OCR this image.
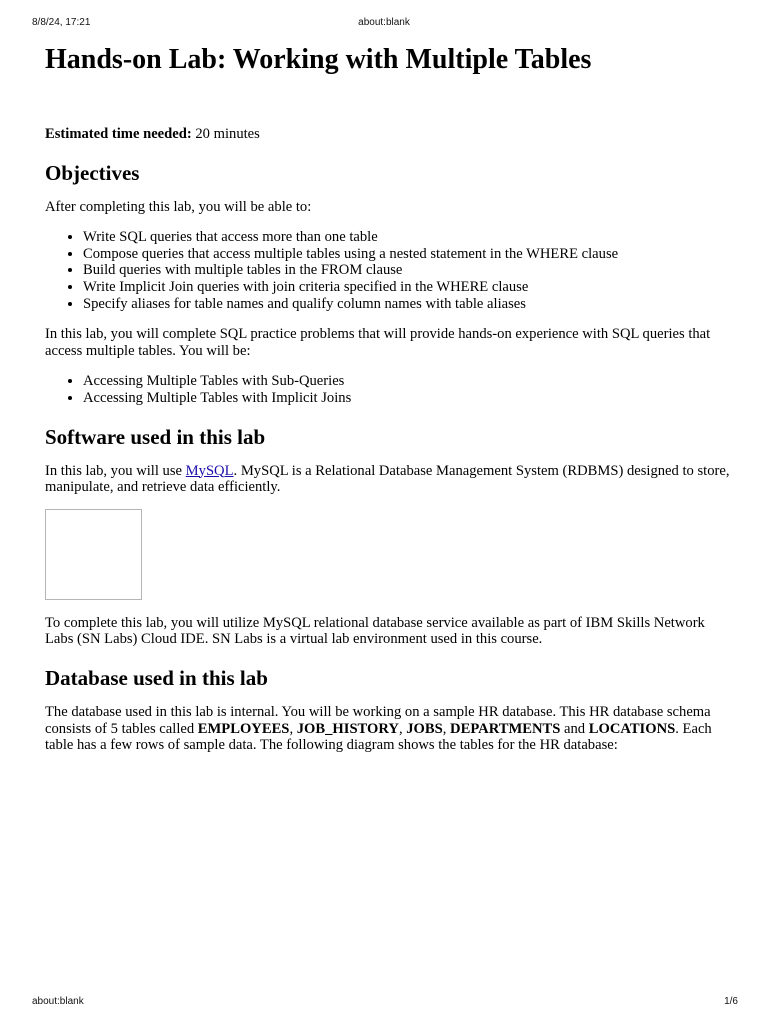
8/8/24, 17:21	about:blank
Hands-on Lab: Working with Multiple Tables

Estimated time needed: 20 minutes

Objectives

After completing this lab, you will be able to:

• Write SQL queries that access more than one table
• Compose queries that access multiple tables using a nested statement in the WHERE clause
• Build queries with multiple tables in the FROM clause
• Write Implicit Join queries with join criteria specified in the WHERE clause
• Specify aliases for table names and qualify column names with table aliases

In this lab, you will complete SQL practice problems that will provide hands-on experience with SQL queries that access multiple tables. You will be:

• Accessing Multiple Tables with Sub-Queries
• Accessing Multiple Tables with Implicit Joins
Software used in this lab

In this lab, you will use MySQL. MySQL is a Relational Database Management System (RDBMS) designed to store, manipulate, and retrieve data efficiently.

To complete this lab, you will utilize MySQL relational database service available as part of IBM Skills Network Labs (SN Labs) Cloud IDE. SN Labs is a virtual lab environment used in this course.

Database used in this lab

The database used in this lab is internal. You will be working on a sample HR database. This HR database schema consists of 5 tables called EMPLOYEES, JOB_HISTORY, JOBS, DEPARTMENTS and LOCATIONS. Each table has a few rows of sample data. The following diagram shows the tables for the HR database:

about:blank	1/6
